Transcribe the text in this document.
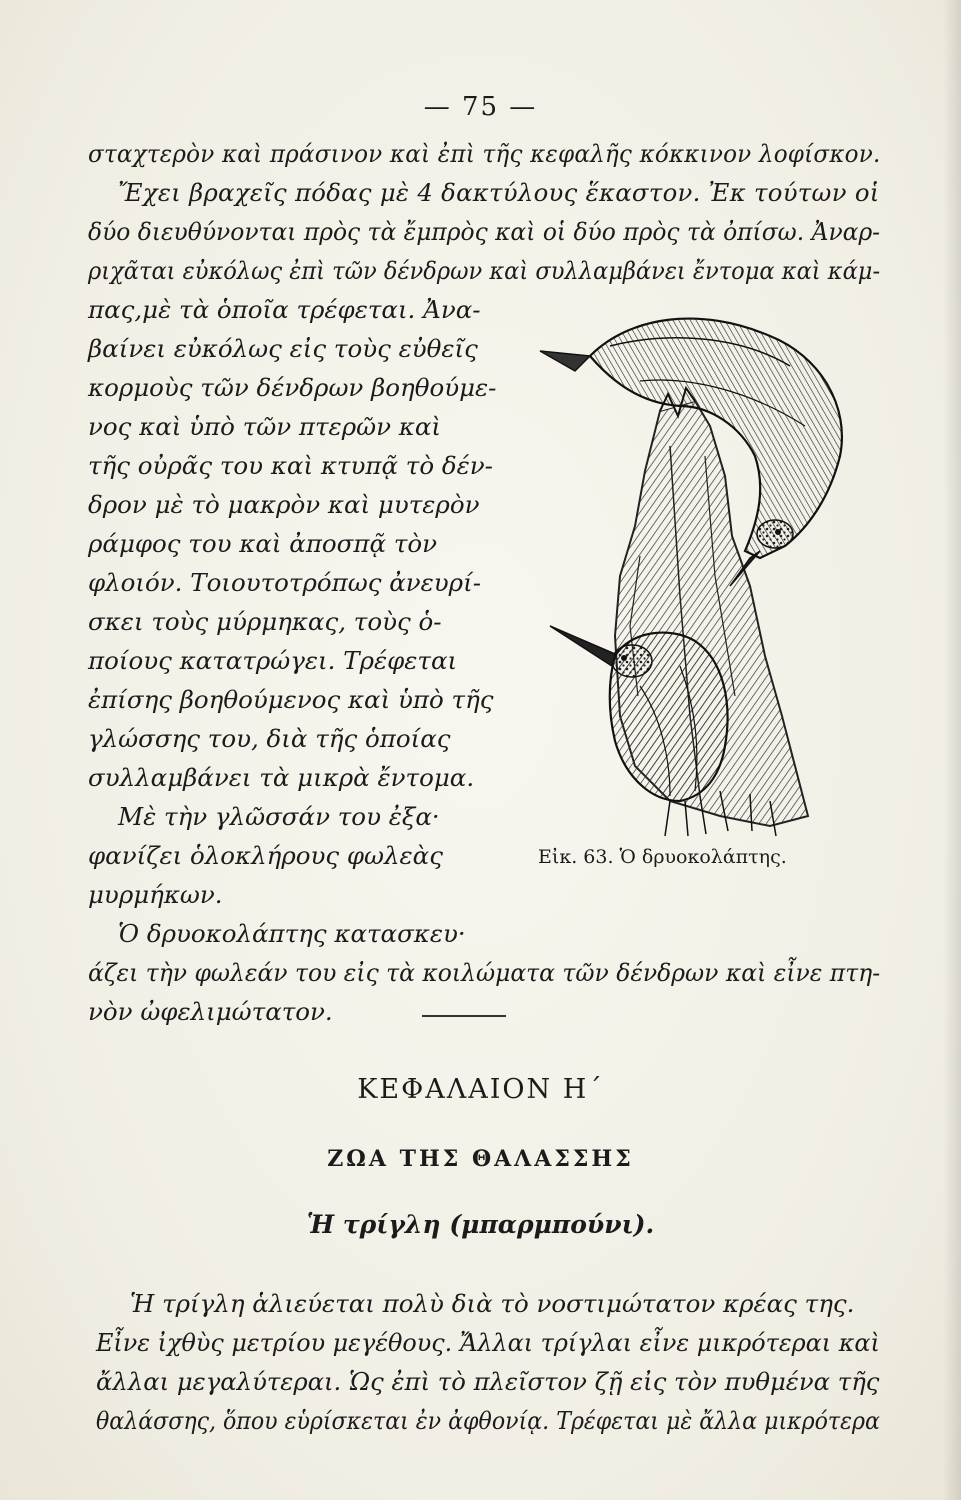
— 75 —
σταχτερὸν καὶ πράσινον καὶ ἐπὶ τῆς κεφαλῆς κόκκινον λοφίσκον.
Ἔχει βραχεῖς πόδας μὲ 4 δακτύλους ἕκαστον. Ἐκ τούτων οἱ
δύο διευθύνονται πρὸς τὰ ἔμπρὸς καὶ οἱ δύο πρὸς τὰ ὀπίσω. Ἀναρ-
ριχᾶται εὐκόλως ἐπὶ τῶν δένδρων καὶ συλλαμβάνει ἔντομα καὶ κάμ-
πας,μὲ τὰ ὁποῖα τρέφεται. Ἀνα-
βαίνει εὐκόλως εἰς τοὺς εὐθεῖς
κορμοὺς τῶν δένδρων βοηθούμε-
νος καὶ ὑπὸ τῶν πτερῶν καὶ
τῆς οὐρᾶς του καὶ κτυπᾷ τὸ δέν-
δρον μὲ τὸ μακρὸν καὶ μυτερὸν
ράμφος του καὶ ἀποσπᾷ τὸν
φλοιόν. Τοιουτοτρόπως ἀνευρί-
σκει τοὺς μύρμηκας, τοὺς ὁ-
ποίους κατατρώγει. Τρέφεται
ἐπίσης βοηθούμενος καὶ ὑπὸ τῆς
γλώσσης του, διὰ τῆς ὁποίας
συλλαμβάνει τὰ μικρὰ ἔντομα.
Μὲ τὴν γλῶσσάν του ἐξα·
φανίζει ὁλοκλήρους φωλεὰς
μυρμήκων.
Ὁ δρυοκολάπτης κατασκευ·
άζει τὴν φωλεάν του εἰς τὰ κοιλώματα τῶν δένδρων καὶ εἶνε πτη-
νὸν ὠφελιμώτατον.
Εἰκ. 63. Ὁ δρυοκολάπτης.
ΚΕΦΑΛΑΙΟΝ Η΄
ΖΩΑ ΤΗΣ ΘΑΛΑΣΣΗΣ
Ἡ τρίγλη (μπαρμπούνι).
Ἡ τρίγλη ἁλιεύεται πολὺ διὰ τὸ νοστιμώτατον κρέας της.
Εἶνε ἰχθὺς μετρίου μεγέθους. Ἄλλαι τρίγλαι εἶνε μικρότεραι καὶ
ἄλλαι μεγαλύτεραι. Ὡς ἐπὶ τὸ πλεῖστον ζῇ εἰς τὸν πυθμένα τῆς
θαλάσσης, ὅπου εὑρίσκεται ἐν ἀφθονίᾳ. Τρέφεται μὲ ἄλλα μικρότερα
